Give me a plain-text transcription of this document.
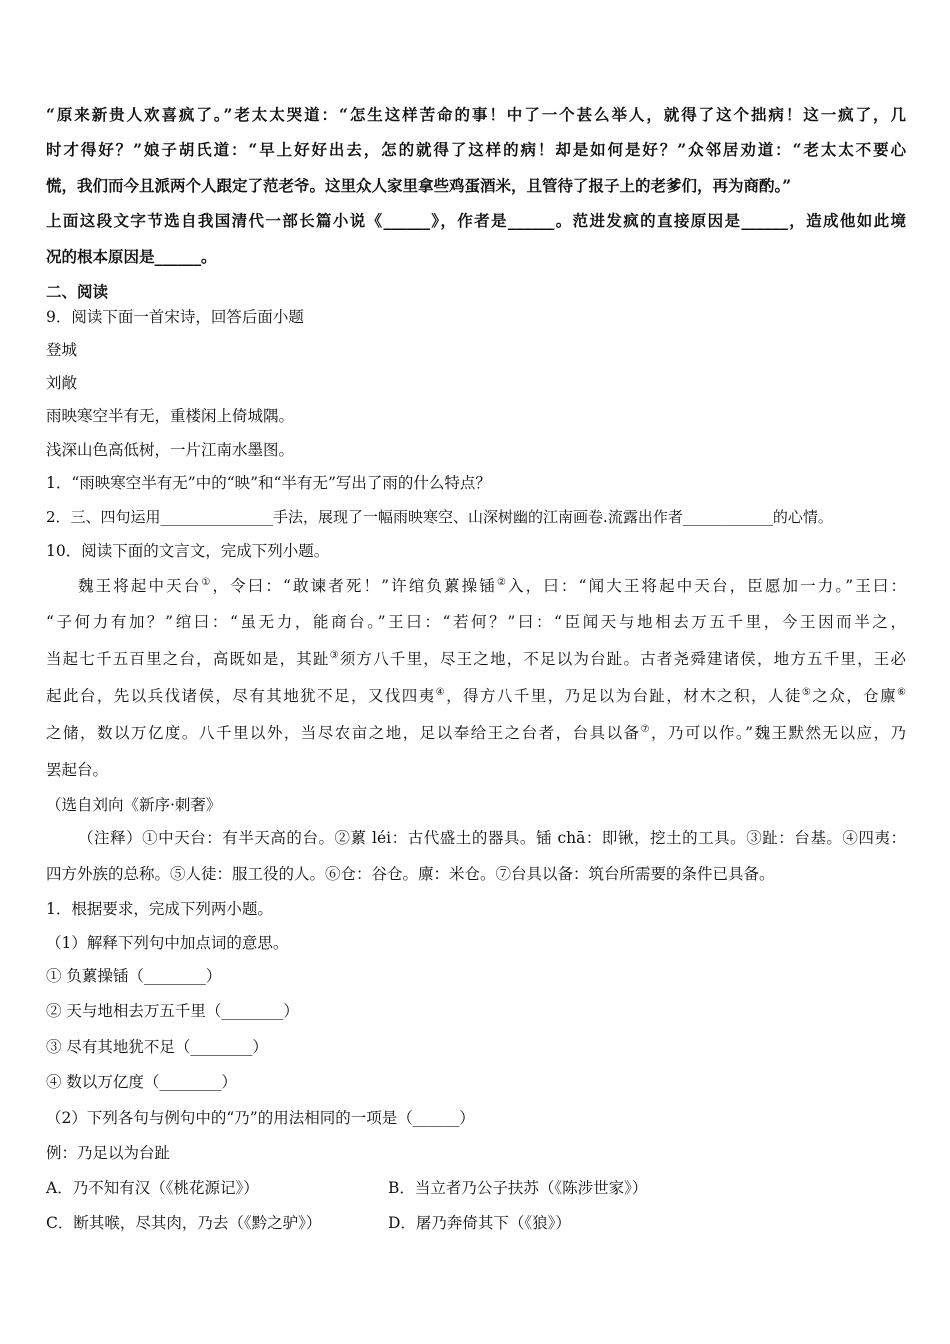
“原来新贵人欢喜疯了。”老太太哭道：“怎生这样苦命的事！中了一个甚么举人，就得了这个拙病！这一疯了，几
时才得好？”娘子胡氏道：“早上好好出去，怎的就得了这样的病！却是如何是好？”众邻居劝道：“老太太不要心
慌，我们而今且派两个人跟定了范老爷。这里众人家里拿些鸡蛋酒米，且管待了报子上的老爹们，再为商酌。”
上面这段文字节选自我国清代一部长篇小说《______》，作者是______。范进发疯的直接原因是______，造成他如此境
况的根本原因是______。
二、阅读
9．阅读下面一首宋诗，回答后面小题
登城
刘敞
雨映寒空半有无，重楼闲上倚城隅。
浅深山色高低树，一片江南水墨图。
1．“雨映寒空半有无”中的“映”和“半有无”写出了雨的什么特点？
2．三、四句运用_______________手法，展现了一幅雨映寒空、山深树幽的江南画卷.流露出作者____________的心情。
10．阅读下面的文言文，完成下列小题。
魏王将起中天台①，令曰：“敢谏者死！”许绾负蔂操锸②入，曰：“闻大王将起中天台，臣愿加一力。”王曰：
“子何力有加？”绾曰：“虽无力，能商台。”王曰：“若何？”曰：“臣闻天与地相去万五千里，今王因而半之，
当起七千五百里之台，高既如是，其趾③须方八千里，尽王之地，不足以为台趾。古者尧舜建诸侯，地方五千里，王必
起此台，先以兵伐诸侯，尽有其地犹不足，又伐四夷④，得方八千里，乃足以为台趾，材木之积，人徒⑤之众，仓廪⑥
之储，数以万亿度。八千里以外，当尽农亩之地，足以奉给王之台者，台具以备⑦，乃可以作。”魏王默然无以应，乃
罢起台。
（选自刘向《新序·刺奢》
（注释）①中天台：有半天高的台。②蔂 léi：古代盛土的器具。锸 chā：即锹，挖土的工具。③趾：台基。④四夷：
四方外族的总称。⑤人徒：服工役的人。⑥仓：谷仓。廪：米仓。⑦台具以备：筑台所需要的条件已具备。
1．根据要求，完成下列两小题。
（1）解释下列句中加点词的意思。
① 负蔂操锸（________）
② 天与地相去万五千里（________）
③ 尽有其地犹不足（________）
④ 数以万亿度（________）
（2）下列各句与例句中的“乃”的用法相同的一项是（______）
例：乃足以为台趾
A．乃不知有汉（《桃花源记》）	B．当立者乃公子扶苏（《陈涉世家》）
C．断其喉，尽其肉，乃去（《黔之驴》）	D．屠乃奔倚其下（《狼》）
